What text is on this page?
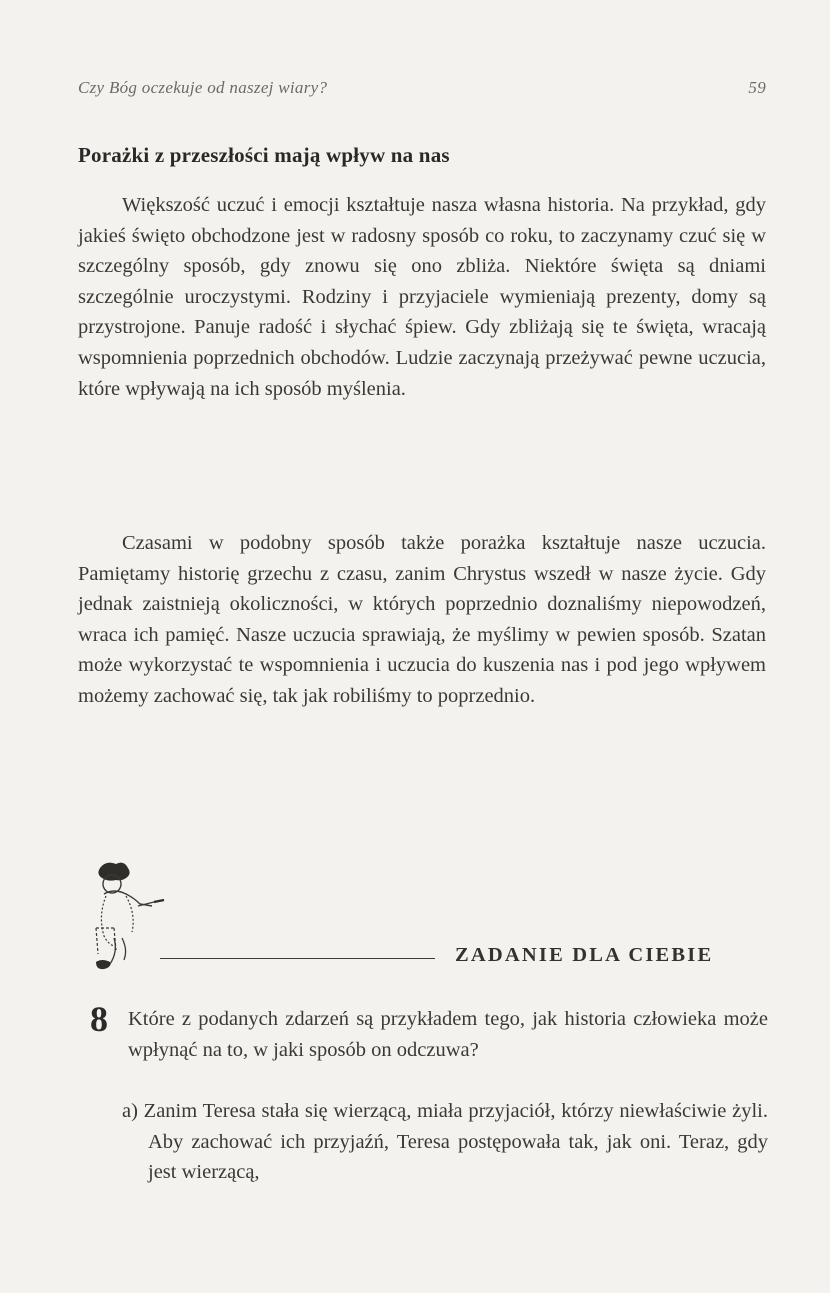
Czy Bóg oczekuje od naszej wiary?	59
Porażki z przeszłości mają wpływ na nas

Większość uczuć i emocji kształtuje nasza własna historia. Na przykład, gdy jakieś święto obchodzone jest w radosny sposób co roku, to zaczynamy czuć się w szczególny sposób, gdy znowu się ono zbliża. Niektóre święta są dniami szczególnie uroczystymi. Rodziny i przyjaciele wymieniają prezenty, domy są przystrojone. Panuje radość i słychać śpiew. Gdy zbliżają się te święta, wracają wspomnienia poprzednich obchodów. Ludzie zaczynają przeżywać pewne uczucia, które wpływają na ich sposób myślenia.

Czasami w podobny sposób także porażka kształtuje nasze uczucia. Pamiętamy historię grzechu z czasu, zanim Chrystus wszedł w nasze życie. Gdy jednak zaistnieją okoliczności, w których poprzednio doznaliśmy niepowodzeń, wraca ich pamięć. Nasze uczucia sprawiają, że myślimy w pewien sposób. Szatan może wykorzystać te wspomnienia i uczucia do kuszenia nas i pod jego wpływem możemy zachować się, tak jak robiliśmy to poprzednio.

ZADANIE DLA CIEBIE
8 Które z podanych zdarzeń są przykładem tego, jak historia człowieka może wpłynąć na to, w jaki sposób on odczuwa?
a) Zanim Teresa stała się wierzącą, miała przyjaciół, którzy niewłaściwie żyli. Aby zachować ich przyjaźń, Teresa postępowała tak, jak oni. Teraz, gdy jest wierzącą,
